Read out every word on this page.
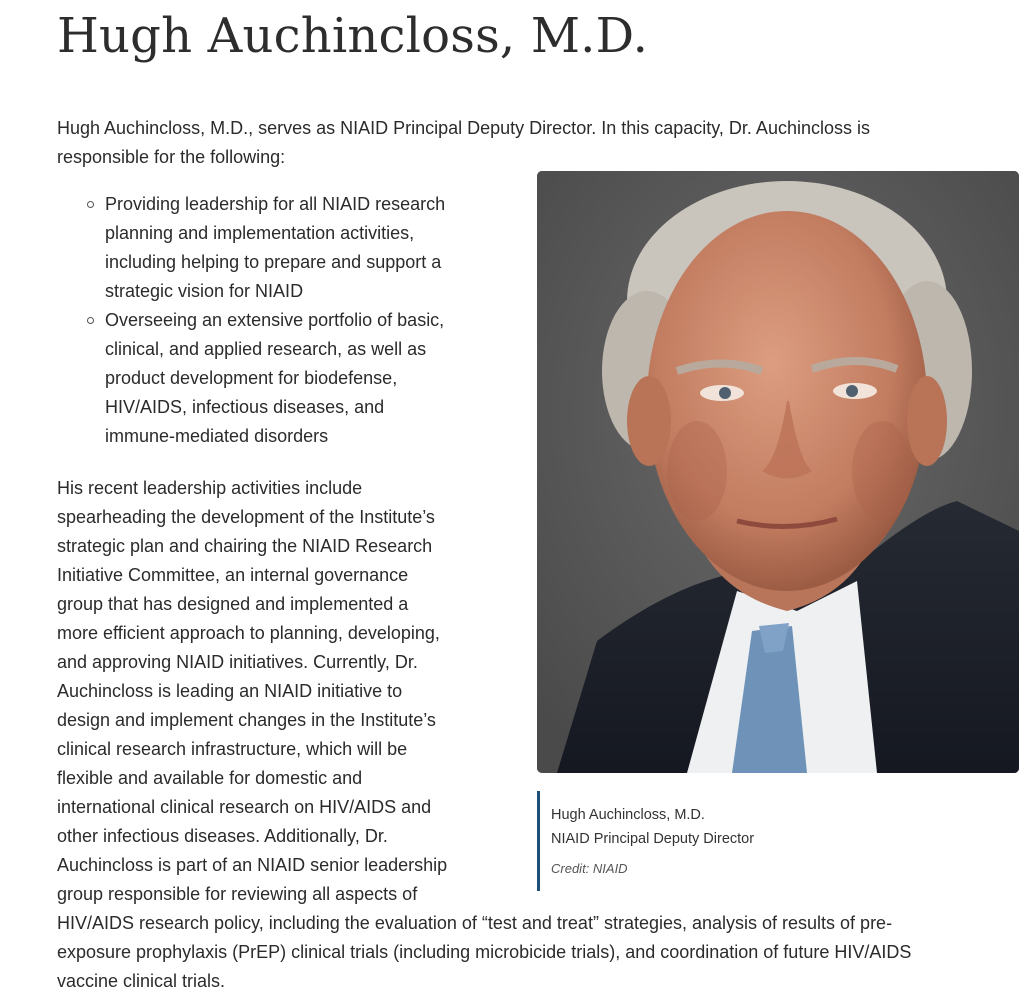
Hugh Auchincloss, M.D.

Hugh Auchincloss, M.D., serves as NIAID Principal Deputy Director. In this capacity, Dr. Auchincloss is
responsible for the following:

Providing leadership for all NIAID research
planning and implementation activities,
including helping to prepare and support a
strategic vision for NIAID
Overseeing an extensive portfolio of basic,
clinical, and applied research, as well as
product development for biodefense,
HIV/AIDS, infectious diseases, and
immune-mediated disorders
Hugh Auchincloss, M.D.
NIAID Principal Deputy Director
Credit: NIAID

His recent leadership activities include
spearheading the development of the Institute’s
strategic plan and chairing the NIAID Research
Initiative Committee, an internal governance
group that has designed and implemented a
more efficient approach to planning, developing,
and approving NIAID initiatives. Currently, Dr.
Auchincloss is leading an NIAID initiative to
design and implement changes in the Institute’s
clinical research infrastructure, which will be
flexible and available for domestic and
international clinical research on HIV/AIDS and
other infectious diseases. Additionally, Dr.
Auchincloss is part of an NIAID senior leadership
group responsible for reviewing all aspects of
HIV/AIDS research policy, including the evaluation of “test and treat” strategies, analysis of results of pre-
exposure prophylaxis (PrEP) clinical trials (including microbicide trials), and coordination of future HIV/AIDS
vaccine clinical trials.
